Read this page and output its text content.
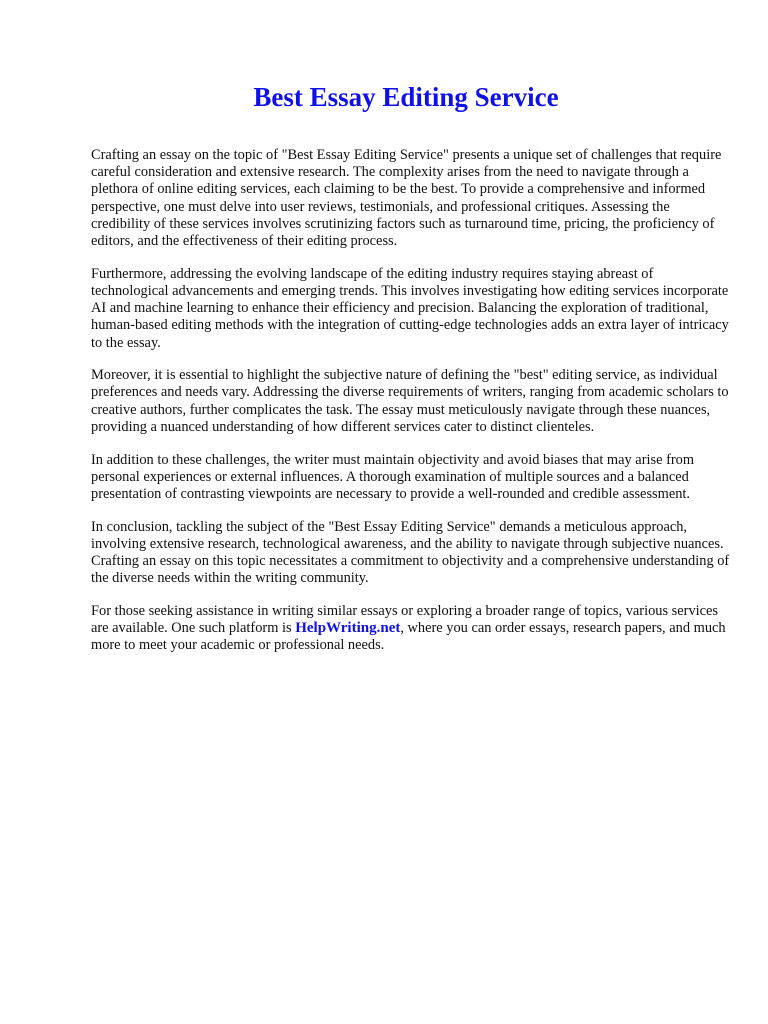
Best Essay Editing Service

Crafting an essay on the topic of "Best Essay Editing Service" presents a unique set of challenges that require careful consideration and extensive research. The complexity arises from the need to navigate through a plethora of online editing services, each claiming to be the best. To provide a comprehensive and informed perspective, one must delve into user reviews, testimonials, and professional critiques. Assessing the credibility of these services involves scrutinizing factors such as turnaround time, pricing, the proficiency of editors, and the effectiveness of their editing process.

Furthermore, addressing the evolving landscape of the editing industry requires staying abreast of technological advancements and emerging trends. This involves investigating how editing services incorporate AI and machine learning to enhance their efficiency and precision. Balancing the exploration of traditional, human-based editing methods with the integration of cutting-edge technologies adds an extra layer of intricacy to the essay.

Moreover, it is essential to highlight the subjective nature of defining the "best" editing service, as individual preferences and needs vary. Addressing the diverse requirements of writers, ranging from academic scholars to creative authors, further complicates the task. The essay must meticulously navigate through these nuances, providing a nuanced understanding of how different services cater to distinct clienteles.

In addition to these challenges, the writer must maintain objectivity and avoid biases that may arise from personal experiences or external influences. A thorough examination of multiple sources and a balanced presentation of contrasting viewpoints are necessary to provide a well-rounded and credible assessment.

In conclusion, tackling the subject of the "Best Essay Editing Service" demands a meticulous approach, involving extensive research, technological awareness, and the ability to navigate through subjective nuances. Crafting an essay on this topic necessitates a commitment to objectivity and a comprehensive understanding of the diverse needs within the writing community.

For those seeking assistance in writing similar essays or exploring a broader range of topics, various services are available. One such platform is HelpWriting.net, where you can order essays, research papers, and much more to meet your academic or professional needs.
